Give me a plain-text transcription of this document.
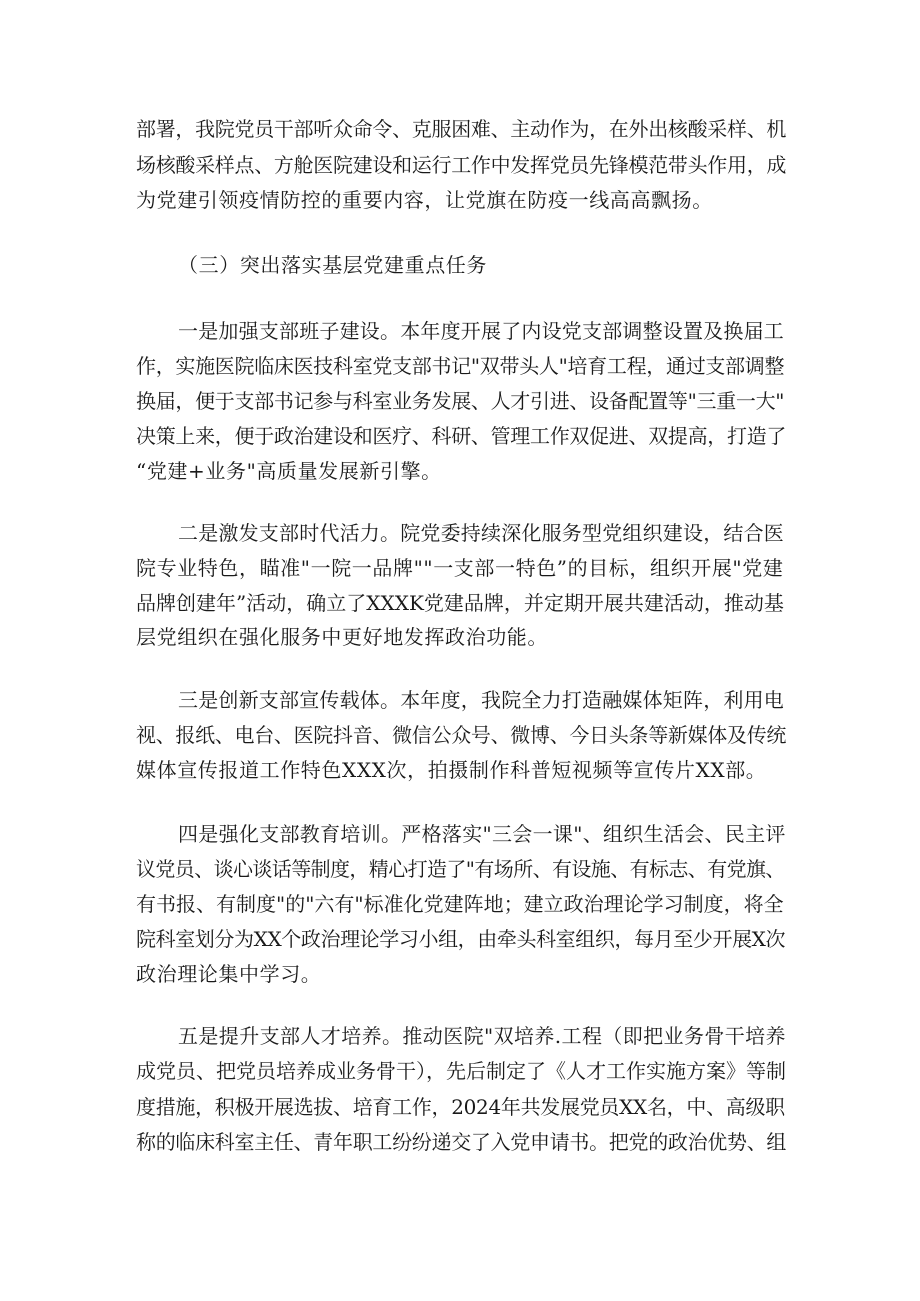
部署，我院党员干部听众命令、克服困难、主动作为，在外出核酸采样、机
场核酸采样点、方舱医院建设和运行工作中发挥党员先锋模范带头作用，成
为党建引领疫情防控的重要内容，让党旗在防疫一线高高飘扬。
（三）突出落实基层党建重点任务
一是加强支部班子建设。本年度开展了内设党支部调整设置及换届工
作，实施医院临床医技科室党支部书记"双带头人"培育工程，通过支部调整
换届，便于支部书记参与科室业务发展、人才引进、设备配置等"三重一大"
决策上来，便于政治建设和医疗、科研、管理工作双促进、双提高，打造了
“党建+业务"高质量发展新引擎。
二是激发支部时代活力。院党委持续深化服务型党组织建设，结合医
院专业特色，瞄准"一院一品牌""一支部一特色”的目标，组织开展"党建
品牌创建年”活动，确立了XXXK党建品牌，并定期开展共建活动，推动基
层党组织在强化服务中更好地发挥政治功能。
三是创新支部宣传载体。本年度，我院全力打造融媒体矩阵，利用电
视、报纸、电台、医院抖音、微信公众号、微博、今日头条等新媒体及传统
媒体宣传报道工作特色XXX次，拍摄制作科普短视频等宣传片XX部。
四是强化支部教育培训。严格落实"三会一课"、组织生活会、民主评
议党员、谈心谈话等制度，精心打造了"有场所、有设施、有标志、有党旗、
有书报、有制度"的"六有"标准化党建阵地；建立政治理论学习制度，将全
院科室划分为XX个政治理论学习小组，由牵头科室组织，每月至少开展X次
政治理论集中学习。
五是提升支部人才培养。推动医院"双培养.工程（即把业务骨干培养
成党员、把党员培养成业务骨干），先后制定了《人才工作实施方案》等制
度措施，积极开展选拔、培育工作，2024年共发展党员XX名，中、高级职
称的临床科室主任、青年职工纷纷递交了入党申请书。把党的政治优势、组
